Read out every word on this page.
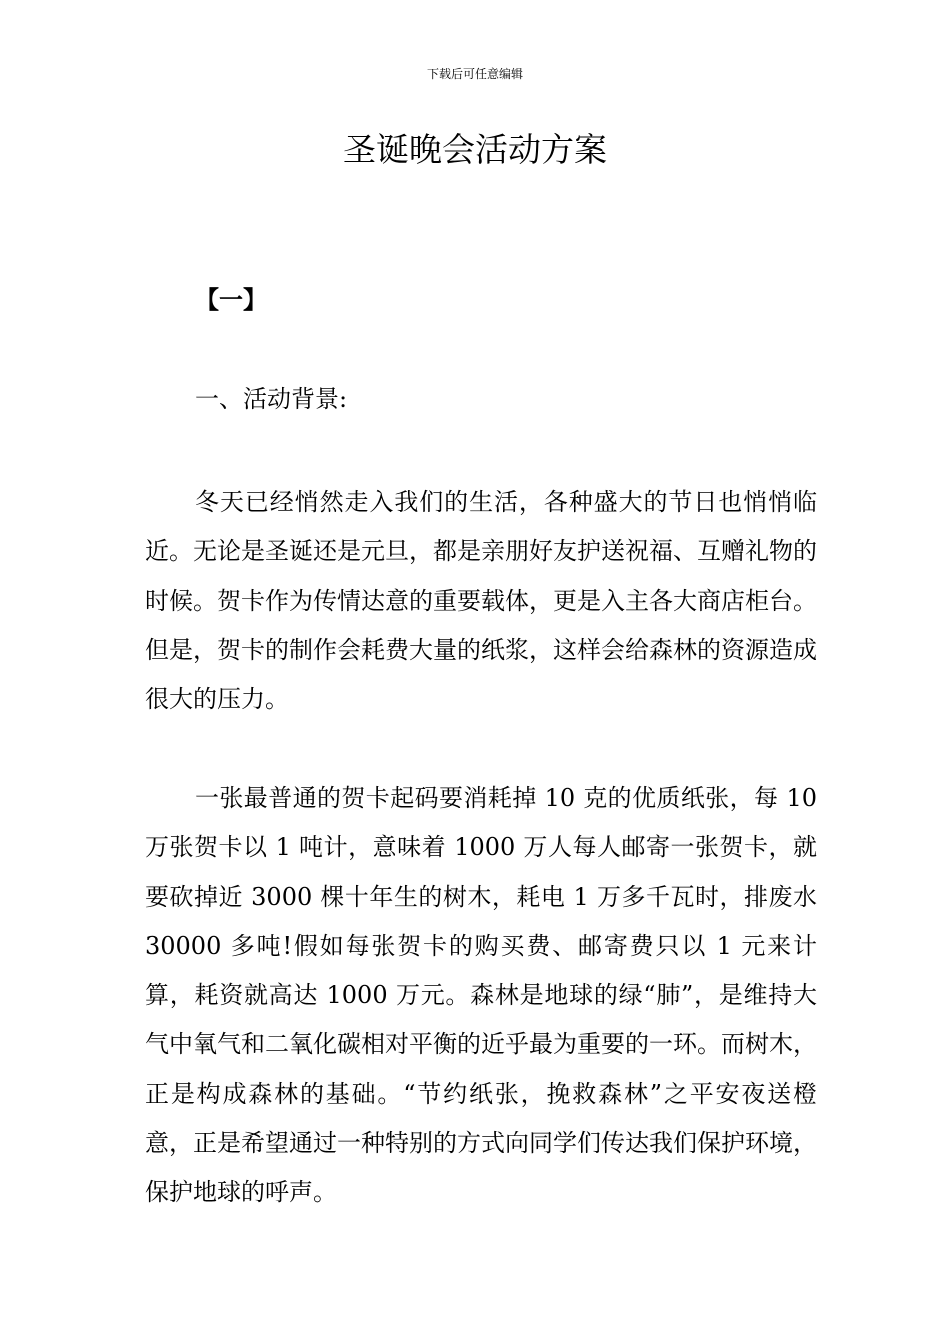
下载后可任意编辑
圣诞晚会活动方案
【一】
一、活动背景:

冬天已经悄然走入我们的生活，各种盛大的节日也悄悄临近。无论是圣诞还是元旦，都是亲朋好友护送祝福、互赠礼物的时候。贺卡作为传情达意的重要载体，更是入主各大商店柜台。但是，贺卡的制作会耗费大量的纸浆，这样会给森林的资源造成很大的压力。

一张最普通的贺卡起码要消耗掉 10 克的优质纸张，每 10 万张贺卡以 1 吨计，意味着 1000 万人每人邮寄一张贺卡，就要砍掉近 3000 棵十年生的树木，耗电 1 万多千瓦时，排废水 30000 多吨!假如每张贺卡的购买费、邮寄费只以 1 元来计算，耗资就高达 1000 万元。森林是地球的绿“肺”，是维持大气中氧气和二氧化碳相对平衡的近乎最为重要的一环。而树木，正是构成森林的基础。“节约纸张，挽救森林”之平安夜送橙意，正是希望通过一种特别的方式向同学们传达我们保护环境，保护地球的呼声。
